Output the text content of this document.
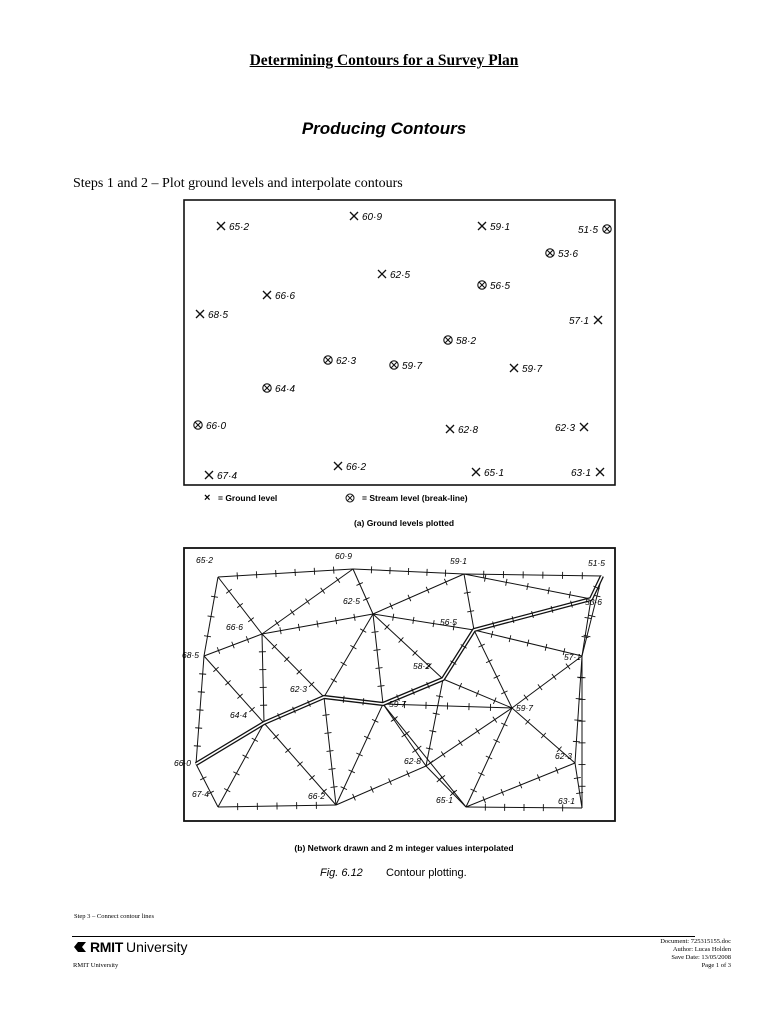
Determining Contours for a Survey Plan
Producing Contours
Steps 1 and 2 – Plot ground levels and interpolate contours
65·2
60·9
59·1	51·5
53·6
62·5
56·5
66·6
68·5
57·1
58·2
62·3	59·7	59·7
64·4
66·0	62·8	62·3
67·4
66·2
65·1	63·1
× = Ground level	= Stream level (break-line)
(a) Ground levels plotted
65·2	60·9	59·1	51·5
53·6
62·5
56·5
66·6
68·5	57·1
58·2
62·3
59·7	59·7
64·4
66·0	62·8	62·3
67·4	66·2	65·1	63·1
(b) Network drawn and 2 m integer values interpolated
Fig. 6.12 Contour plotting.
Step 3 – Connect contour lines
RMIT University
RMIT University
Document: 725315155.doc
Author: Lucas Holden
Save Date: 13/05/2008
Page 1 of 3
